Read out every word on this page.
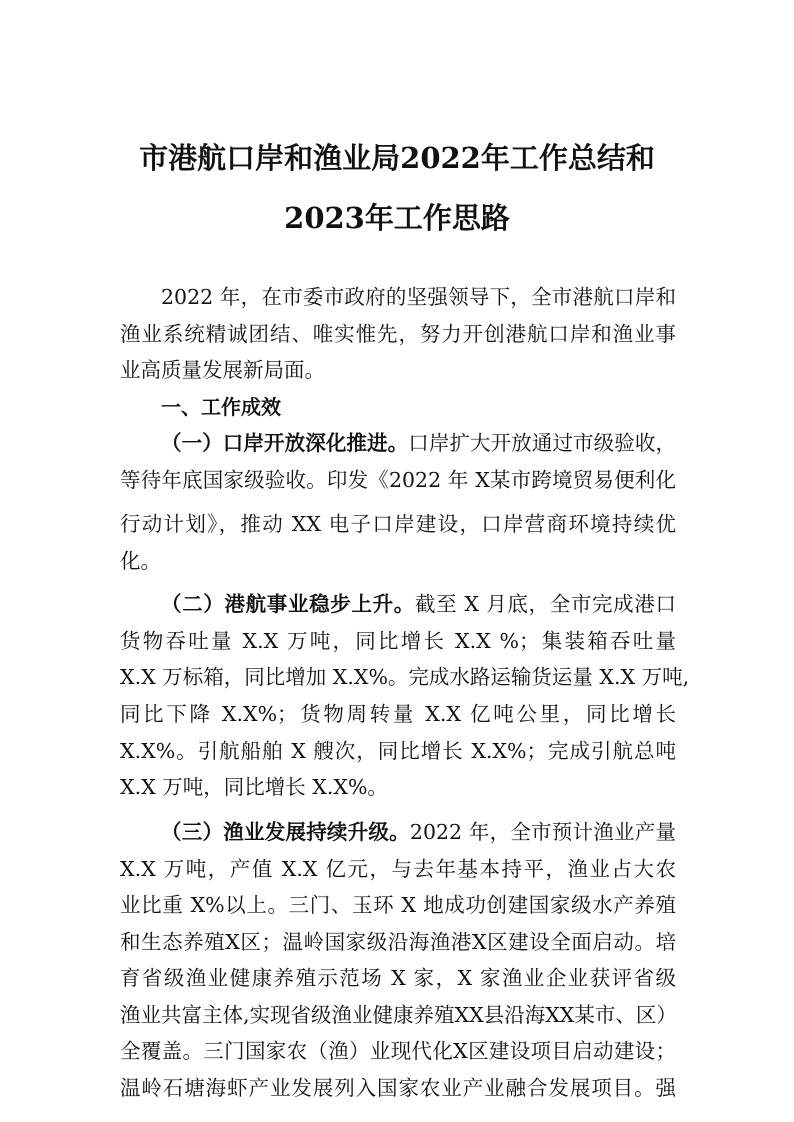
市港航口岸和渔业局2022年工作总结和
2023年工作思路
2022 年，在市委市政府的坚强领导下，全市港航口岸和
渔业系统精诚团结、唯实惟先，努力开创港航口岸和渔业事
业高质量发展新局面。
一、工作成效
（一）口岸开放深化推进。口岸扩大开放通过市级验收，
等待年底国家级验收。印发《2022 年 X某市跨境贸易便利化
行动计划》，推动 XX 电子口岸建设，口岸营商环境持续优
化。
（二）港航事业稳步上升。截至 X 月底，全市完成港口
货物吞吐量 X.X 万吨，同比增长 X.X %；集装箱吞吐量
X.X 万标箱，同比增加 X.X%。完成水路运输货运量 X.X 万吨,
同比下降 X.X%；货物周转量 X.X 亿吨公里，同比增长
X.X%。引航船舶 X 艘次，同比增长 X.X%；完成引航总吨
X.X 万吨，同比增长 X.X%。
（三）渔业发展持续升级。2022 年，全市预计渔业产量
X.X 万吨，产值 X.X 亿元，与去年基本持平，渔业占大农
业比重 X%以上。三门、玉环 X 地成功创建国家级水产养殖
和生态养殖X区；温岭国家级沿海渔港X区建设全面启动。培
育省级渔业健康养殖示范场 X 家，X 家渔业企业获评省级
渔业共富主体,实现省级渔业健康养殖XX县沿海XX某市、区）
全覆盖。三门国家农（渔）业现代化X区建设项目启动建设；
温岭石塘海虾产业发展列入国家农业产业融合发展项目。强
